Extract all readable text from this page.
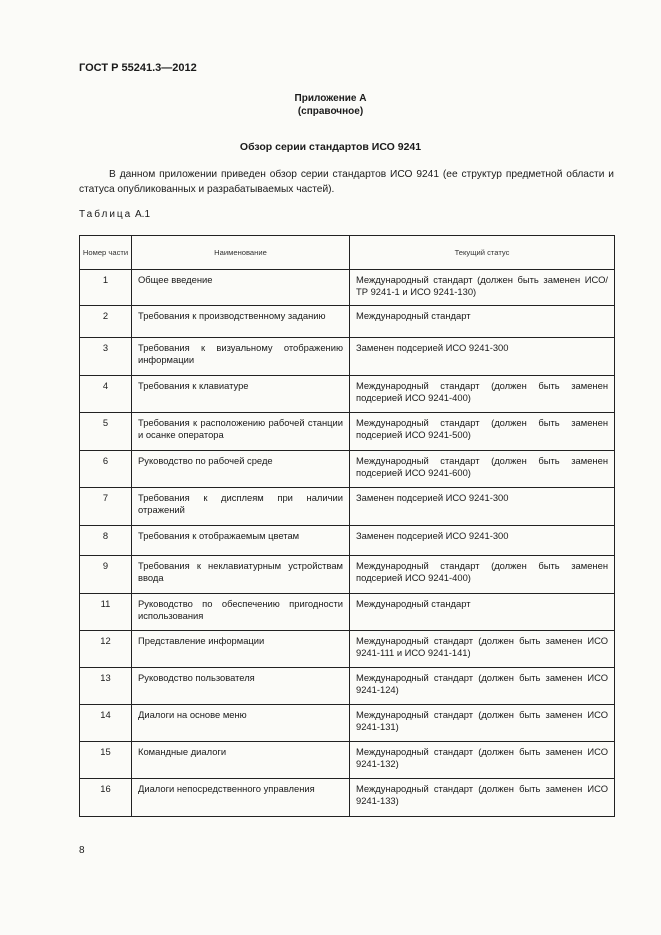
ГОСТ Р 55241.3—2012
Приложение А
(справочное)
Обзор серии стандартов ИСО 9241
В данном приложении приведен обзор серии стандартов ИСО 9241 (ее структур предметной области и статуса опубликованных и разрабатываемых частей).
Таблица А.1
Номер части	Наименование	Текущий статус

1	Общее введение	Международный стандарт (должен быть заменен ИСО/ТР 9241-1 и ИСО 9241-130)

2	Требования к производственному заданию	Международный стандарт

3	Требования к визуальному отображению информации	Заменен подсерией ИСО 9241-300

4	Требования к клавиатуре	Международный стандарт (должен быть заменен подсерией ИСО 9241-400)

5	Требования к расположению рабочей станции и осанке оператора	Международный стандарт (должен быть заменен подсерией ИСО 9241-500)

6	Руководство по рабочей среде	Международный стандарт (должен быть заменен подсерией ИСО 9241-600)

7	Требования к дисплеям при наличии отражений	Заменен подсерией ИСО 9241-300

8	Требования к отображаемым цветам	Заменен подсерией ИСО 9241-300

9	Требования к неклавиатурным устройствам ввода	Международный стандарт (должен быть заменен подсерией ИСО 9241-400)

11	Руководство по обеспечению пригодности использования	Международный стандарт

12	Представление информации	Международный стандарт (должен быть заменен ИСО 9241-111 и ИСО 9241-141)

13	Руководство пользователя	Международный стандарт (должен быть заменен ИСО 9241-124)

14	Диалоги на основе меню	Международный стандарт (должен быть заменен ИСО 9241-131)

15	Командные диалоги	Международный стандарт (должен быть заменен ИСО 9241-132)

16	Диалоги непосредственного управления	Международный стандарт (должен быть заменен ИСО 9241-133)
8
